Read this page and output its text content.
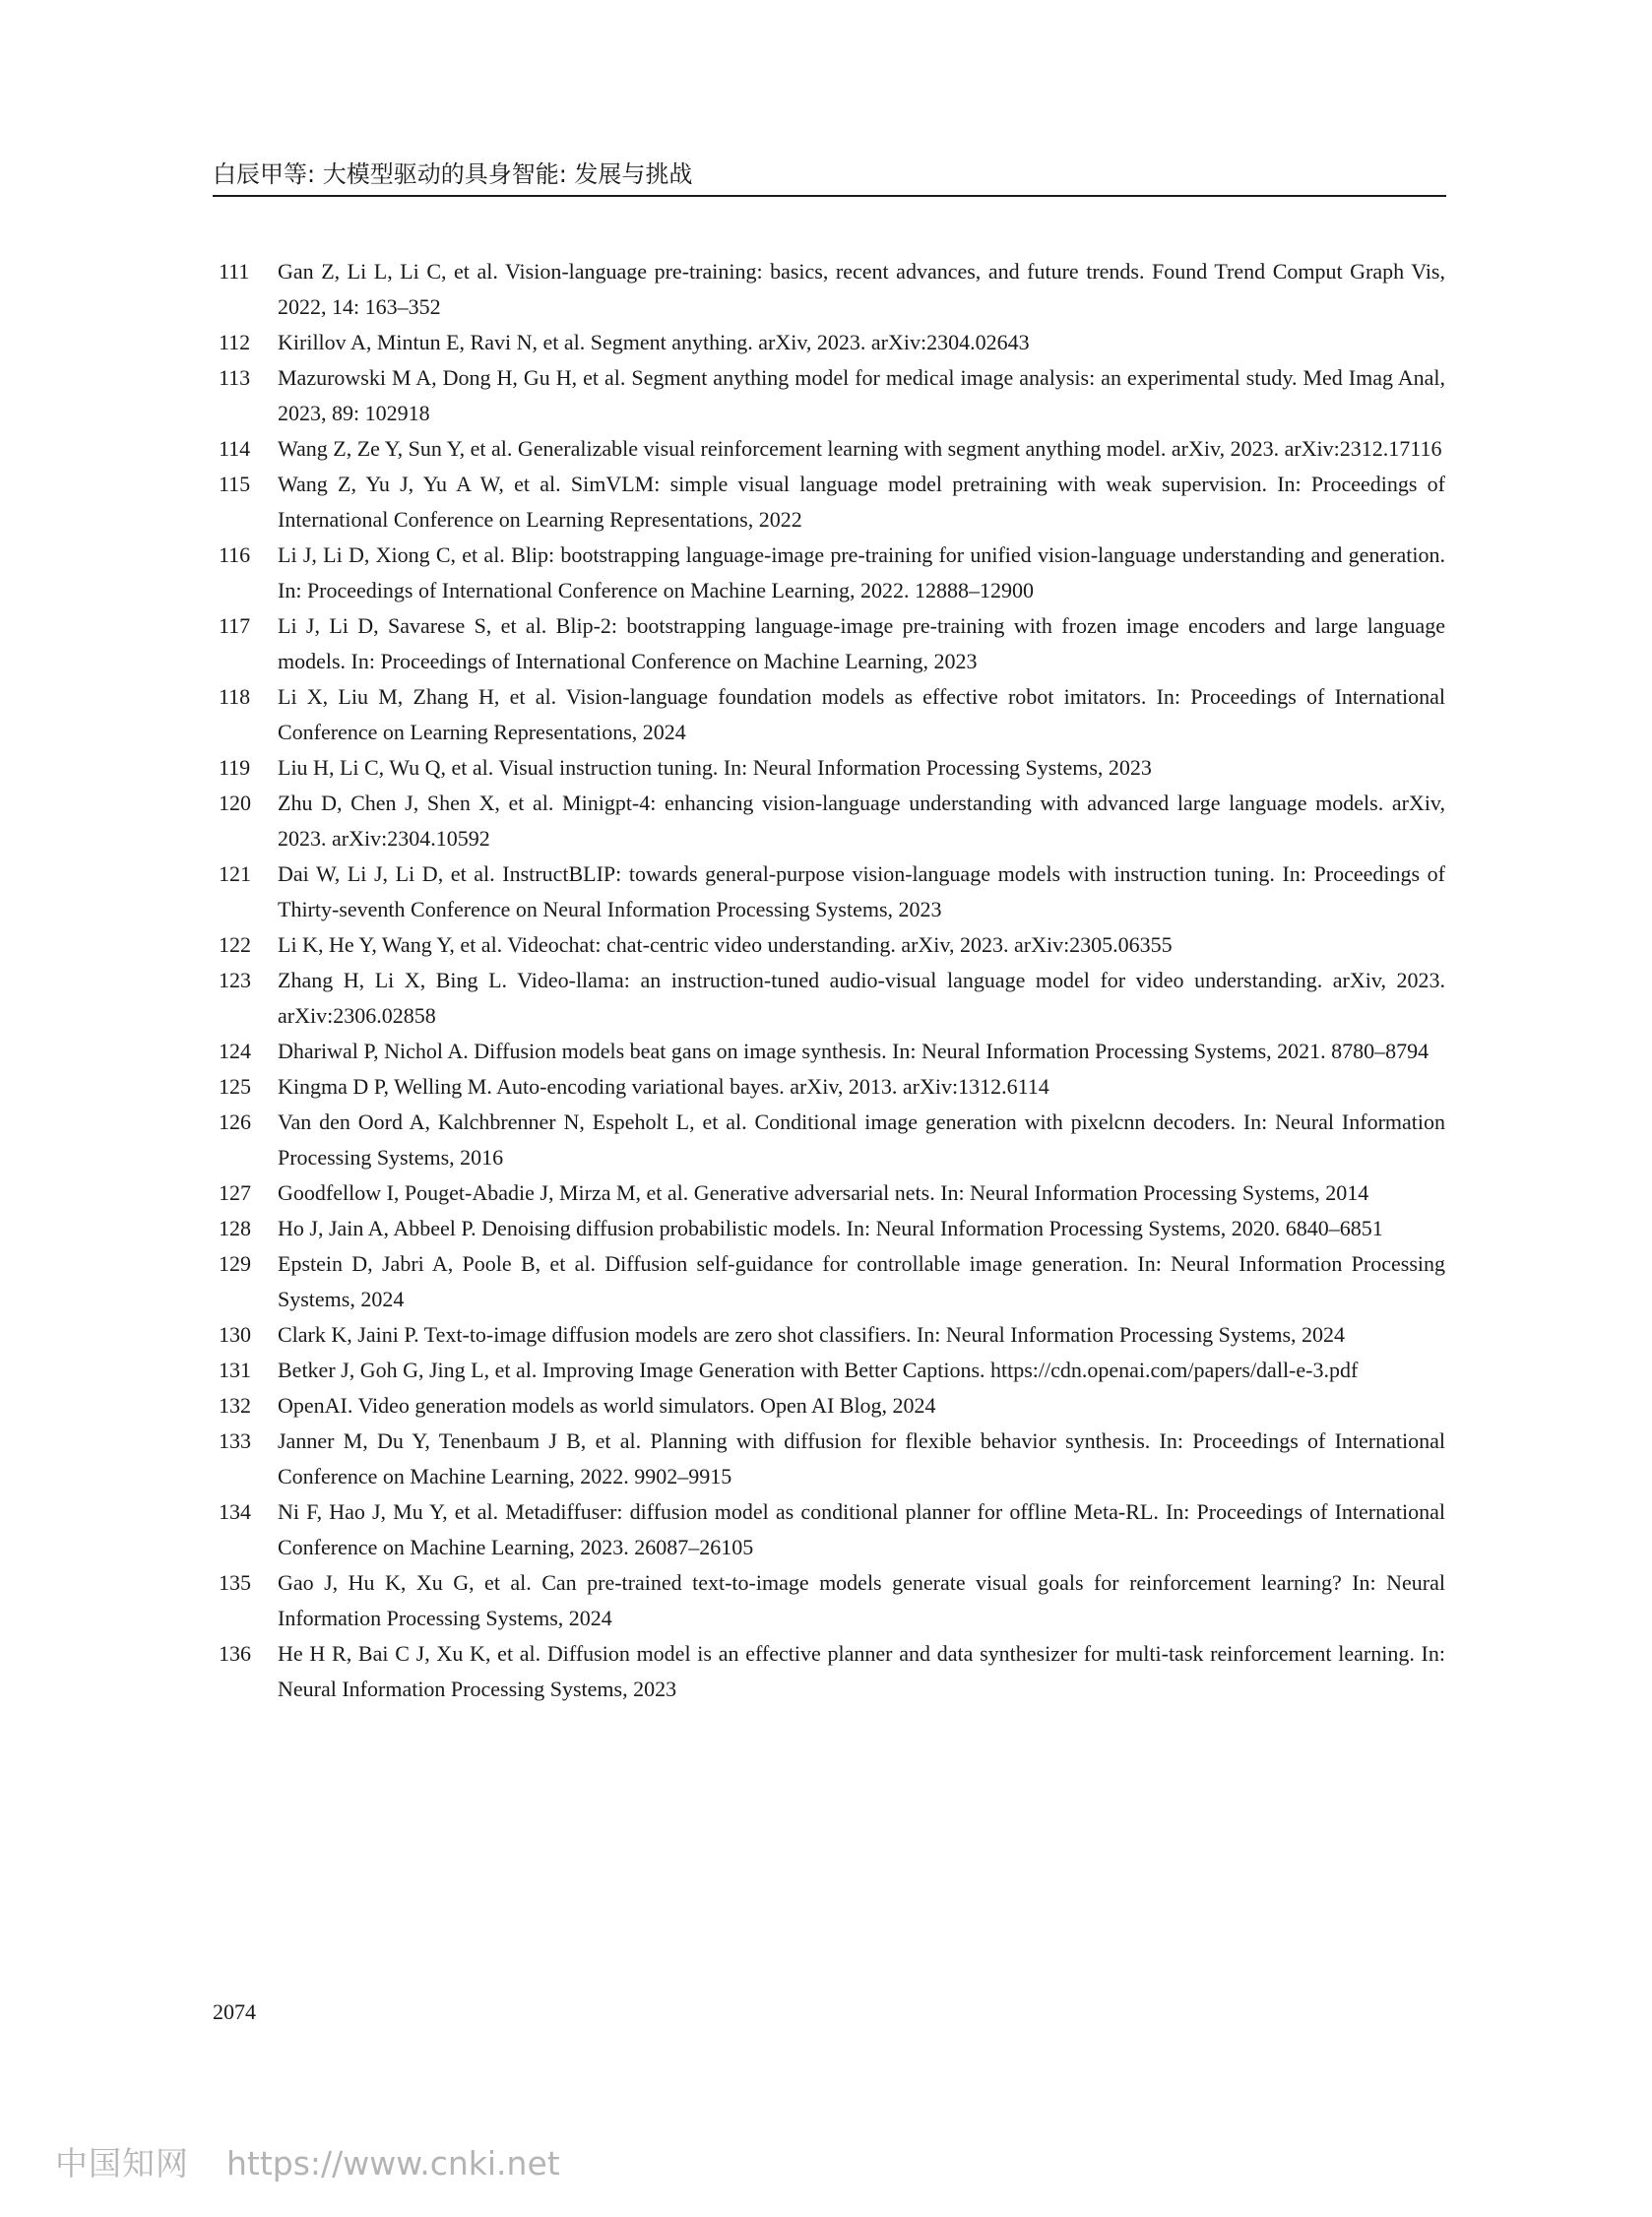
白辰甲等: 大模型驱动的具身智能: 发展与挑战
111	Gan Z, Li L, Li C, et al. Vision-language pre-training: basics, recent advances, and future trends. Found Trend Comput Graph Vis, 2022, 14: 163–352
112	Kirillov A, Mintun E, Ravi N, et al. Segment anything. arXiv, 2023. arXiv:2304.02643
113	Mazurowski M A, Dong H, Gu H, et al. Segment anything model for medical image analysis: an experimental study. Med Imag Anal, 2023, 89: 102918
114	Wang Z, Ze Y, Sun Y, et al. Generalizable visual reinforcement learning with segment anything model. arXiv, 2023. arXiv:2312.17116
115	Wang Z, Yu J, Yu A W, et al. SimVLM: simple visual language model pretraining with weak supervision. In: Proceedings of International Conference on Learning Representations, 2022
116	Li J, Li D, Xiong C, et al. Blip: bootstrapping language-image pre-training for unified vision-language understanding and generation. In: Proceedings of International Conference on Machine Learning, 2022. 12888–12900
117	Li J, Li D, Savarese S, et al. Blip-2: bootstrapping language-image pre-training with frozen image encoders and large language models. In: Proceedings of International Conference on Machine Learning, 2023
118	Li X, Liu M, Zhang H, et al. Vision-language foundation models as effective robot imitators. In: Proceedings of International Conference on Learning Representations, 2024
119	Liu H, Li C, Wu Q, et al. Visual instruction tuning. In: Neural Information Processing Systems, 2023
120	Zhu D, Chen J, Shen X, et al. Minigpt-4: enhancing vision-language understanding with advanced large language models. arXiv, 2023. arXiv:2304.10592
121	Dai W, Li J, Li D, et al. InstructBLIP: towards general-purpose vision-language models with instruction tuning. In: Proceedings of Thirty-seventh Conference on Neural Information Processing Systems, 2023
122	Li K, He Y, Wang Y, et al. Videochat: chat-centric video understanding. arXiv, 2023. arXiv:2305.06355
123	Zhang H, Li X, Bing L. Video-llama: an instruction-tuned audio-visual language model for video understanding. arXiv, 2023. arXiv:2306.02858
124	Dhariwal P, Nichol A. Diffusion models beat gans on image synthesis. In: Neural Information Processing Systems, 2021. 8780–8794
125	Kingma D P, Welling M. Auto-encoding variational bayes. arXiv, 2013. arXiv:1312.6114
126	Van den Oord A, Kalchbrenner N, Espeholt L, et al. Conditional image generation with pixelcnn decoders. In: Neural Information Processing Systems, 2016
127	Goodfellow I, Pouget-Abadie J, Mirza M, et al. Generative adversarial nets. In: Neural Information Processing Systems, 2014
128	Ho J, Jain A, Abbeel P. Denoising diffusion probabilistic models. In: Neural Information Processing Systems, 2020. 6840–6851
129	Epstein D, Jabri A, Poole B, et al. Diffusion self-guidance for controllable image generation. In: Neural Information Processing Systems, 2024
130	Clark K, Jaini P. Text-to-image diffusion models are zero shot classifiers. In: Neural Information Processing Systems, 2024
131	Betker J, Goh G, Jing L, et al. Improving Image Generation with Better Captions. https://cdn.openai.com/papers/dall-e-3.pdf
132	OpenAI. Video generation models as world simulators. Open AI Blog, 2024
133	Janner M, Du Y, Tenenbaum J B, et al. Planning with diffusion for flexible behavior synthesis. In: Proceedings of International Conference on Machine Learning, 2022. 9902–9915
134	Ni F, Hao J, Mu Y, et al. Metadiffuser: diffusion model as conditional planner for offline Meta-RL. In: Proceedings of International Conference on Machine Learning, 2023. 26087–26105
135	Gao J, Hu K, Xu G, et al. Can pre-trained text-to-image models generate visual goals for reinforcement learning? In: Neural Information Processing Systems, 2024
136	He H R, Bai C J, Xu K, et al. Diffusion model is an effective planner and data synthesizer for multi-task reinforcement learning. In: Neural Information Processing Systems, 2023
2074
中国知网 https://www.cnki.net
